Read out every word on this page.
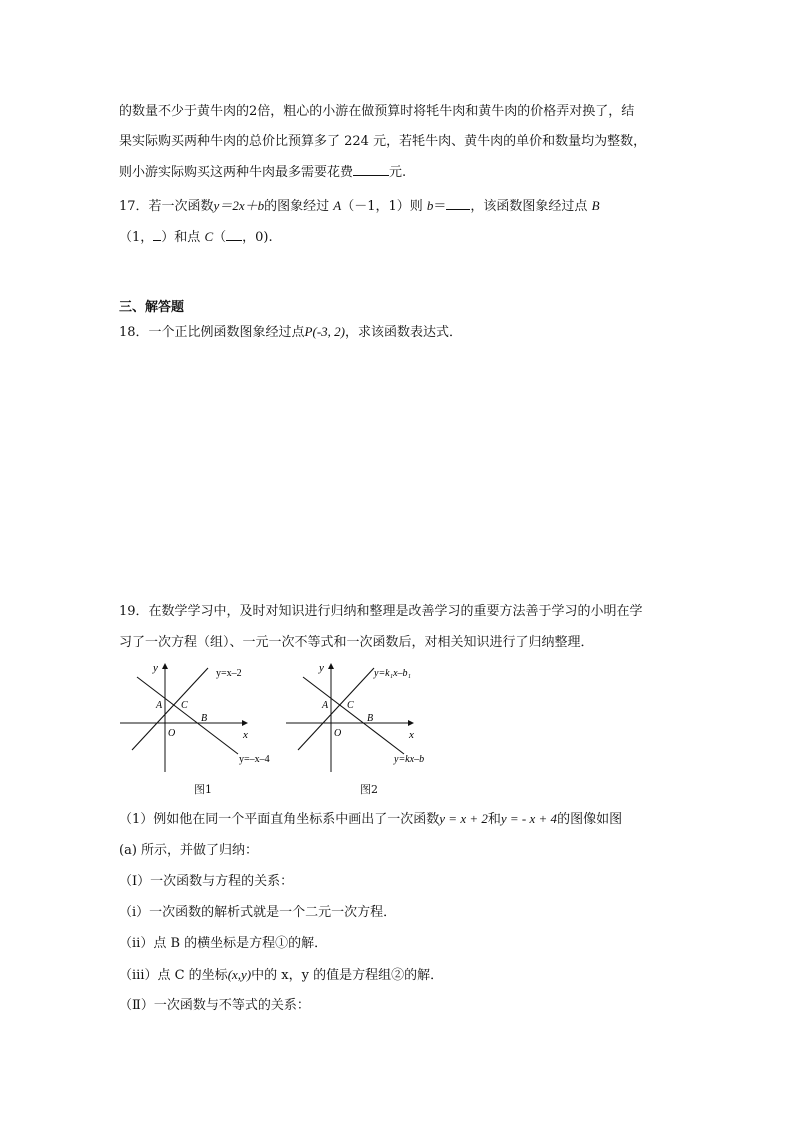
的数量不少于黄牛肉的2倍，粗心的小游在做预算时将牦牛肉和黄牛肉的价格弄对换了，结
果实际购买两种牛肉的总价比预算多了 224 元，若牦牛肉、黄牛肉的单价和数量均为整数，
则小游实际购买这两种牛肉最多需要花费	元.
17．若一次函数y＝2x＋b的图象经过 A（－1，1）则 b＝ ，该函数图象经过点 B
（1， ）和点 C（ ，0).
三、解答题
18．一个正比例函数图象经过点P(-3, 2)，求该函数表达式．
19．在数学学习中，及时对知识进行归纳和整理是改善学习的重要方法善于学习的小明在学
习了一次方程（组）、一元一次不等式和一次函数后，对相关知识进行了归纳整理．
y
x
O
A C
B
y=x–2
y=–x–4
图1
y
x
O
A C
B
y=k₁x–b₁
y=kx–b
图2
（1）例如他在同一个平面直角坐标系中画出了一次函数y = x + 2和y = - x + 4的图像如图
(a) 所示，并做了归纳：
（Ⅰ）一次函数与方程的关系：
（ⅰ）一次函数的解析式就是一个二元一次方程．
（ⅱ）点 B 的横坐标是方程①的解．
（ⅲ）点 C 的坐标(x,y)中的 x，y 的值是方程组②的解．
（Ⅱ）一次函数与不等式的关系：
